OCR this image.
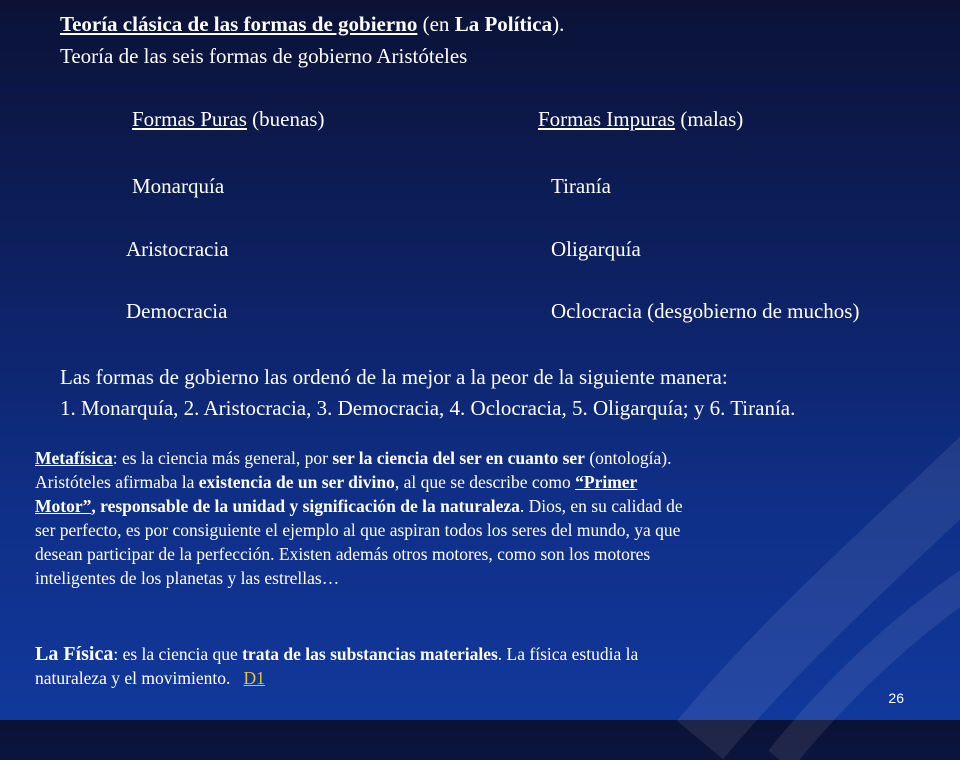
Teoría clásica de las formas de gobierno (en La Política).
Teoría de las seis formas de gobierno Aristóteles
Formas Puras (buenas)	Formas Impuras (malas)
Monarquía	Tiranía
Aristocracia	Oligarquía
Democracia	Oclocracia (desgobierno de muchos)
Las formas de gobierno las ordenó de la mejor a la peor de la siguiente manera:
1. Monarquía, 2. Aristocracia, 3. Democracia, 4. Oclocracia, 5. Oligarquía; y 6. Tiranía.
Metafísica: es la ciencia más general, por ser la ciencia del ser en cuanto ser (ontología).
Aristóteles afirmaba la existencia de un ser divino, al que se describe como “Primer
Motor”, responsable de la unidad y significación de la naturaleza. Dios, en su calidad de
ser perfecto, es por consiguiente el ejemplo al que aspiran todos los seres del mundo, ya que
desean participar de la perfección. Existen además otros motores, como son los motores
inteligentes de los planetas y las estrellas…
La Física: es la ciencia que trata de las substancias materiales. La física estudia la
naturaleza y el movimiento.   D1
26
